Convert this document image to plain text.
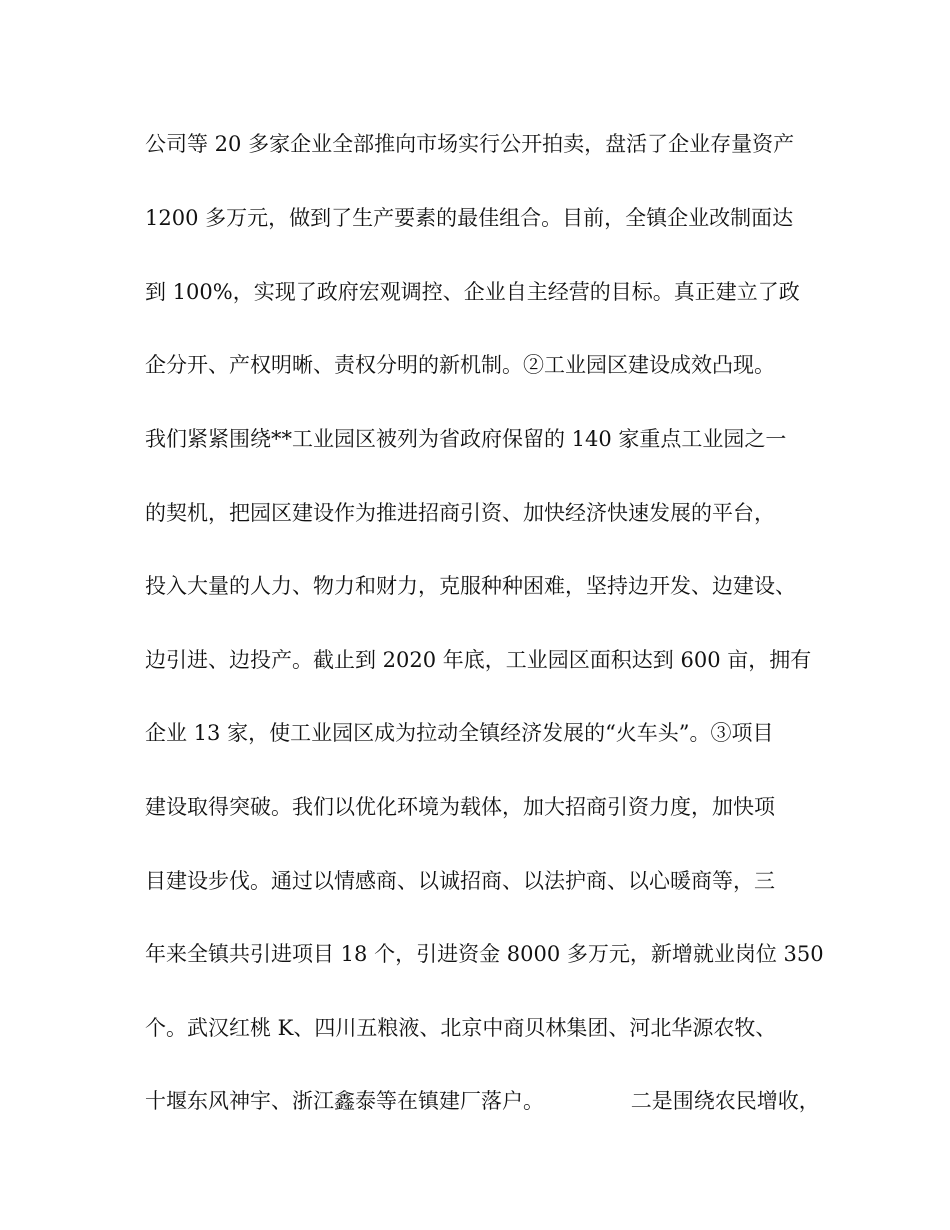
公司等 20 多家企业全部推向市场实行公开拍卖，盘活了企业存量资产
1200 多万元，做到了生产要素的最佳组合。目前，全镇企业改制面达
到 100%，实现了政府宏观调控、企业自主经营的目标。真正建立了政
企分开、产权明晰、责权分明的新机制。②工业园区建设成效凸现。
我们紧紧围绕**工业园区被列为省政府保留的 140 家重点工业园之一
的契机，把园区建设作为推进招商引资、加快经济快速发展的平台，
投入大量的人力、物力和财力，克服种种困难，坚持边开发、边建设、
边引进、边投产。截止到 2020 年底，工业园区面积达到 600 亩，拥有
企业 13 家，使工业园区成为拉动全镇经济发展的“火车头”。③项目
建设取得突破。我们以优化环境为载体，加大招商引资力度，加快项
目建设步伐。通过以情感商、以诚招商、以法护商、以心暖商等，三
年来全镇共引进项目 18 个，引进资金 8000 多万元，新增就业岗位 350
个。武汉红桃 K、四川五粮液、北京中商贝林集团、河北华源农牧、
十堰东风神宇、浙江鑫泰等在镇建厂落户。             二是围绕农民增收，
